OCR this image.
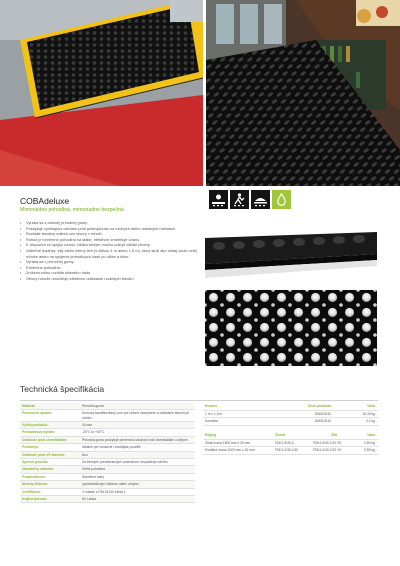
COBAdeluxe
Mimoriadne pohodlná, mimoriadne bezpečná
• Vyrába sa z odolnej prírodnej gumy.
• Poskytuje vynikajúcu ochranu proti pošmyknutiu na mokrých alebo mastných miestach.
• Rozlialie tekutiny odtečú cez otvory v rohoži.
• Rohož je extrémne pohodlná na státie, efektívne zmierňuje únavu.
• K dispozícii so spojky rohoží, vďaka ktorým možno pokryť väčšie plochy.
• Voliteľné doplnky: žltý alebo čierny lem (s dĺžkou 1 m alebo 1,5 m), ktorý slúži ako ostraj okolo celej rohože alebo na spojenie jednotlivých častí po dĺžke a šírke.
• Vyrába sa z prírodnej gumy.
• Extrémne pohodlná.
• Zníženo riziko rozbitia skleného riadu.
• Otvory rohože umožňujú efektívne odtekanie rozliatych tekutín.
Technická špecifikácia
Materiál:	Prírodná guma
Povrchová úprava:	Kruhový kanálikovitaný vzor pre účinné zachytenie a odtekanie tekutín pri chôdzi
Výška produktu:	16 mm
Prevádzková teplota:	-20°C to +60°C
Odolnosť proti chemikáliám:	Prírodná guma poskytuje primeranú odolnosť voči chemikáliám a olejom
Protišmyk:	Ideálne pre vnútorné i vonkajšie použitie
Odolnosť proti UV žiareniu:	Áno
Spôsob použitia:	Za bežných prevádzkových podmienok nevyžaduje údržbu
Udržateľný materiál:	Veľmi pohodlná
Prispôsobenie:	Stavebné tvary
Metóda čistenia:	vysokotlakovým čističom alebo umytím
Certifikácia:	V súlade s DIN 51130 trieda 1
Krajina pôvodu:	Sri Lanka
Rozmer	Číslo produktu	Váha
1 m x 1,5 m	DM010010	15,40 kg
Konektor	DM010010	0,2 kg
Edging	Čierna	Žltá	Váha
Čistá hrana 1500 mm x 30 mm	FDK1.5/30-C	FDK1.5/30-C30-YE	0,80 kg
Podlahá hrana 1000 mm x 30 mm	FDK1.0/30-C30	FDK1.0/30-C30-YE	0,50 kg
